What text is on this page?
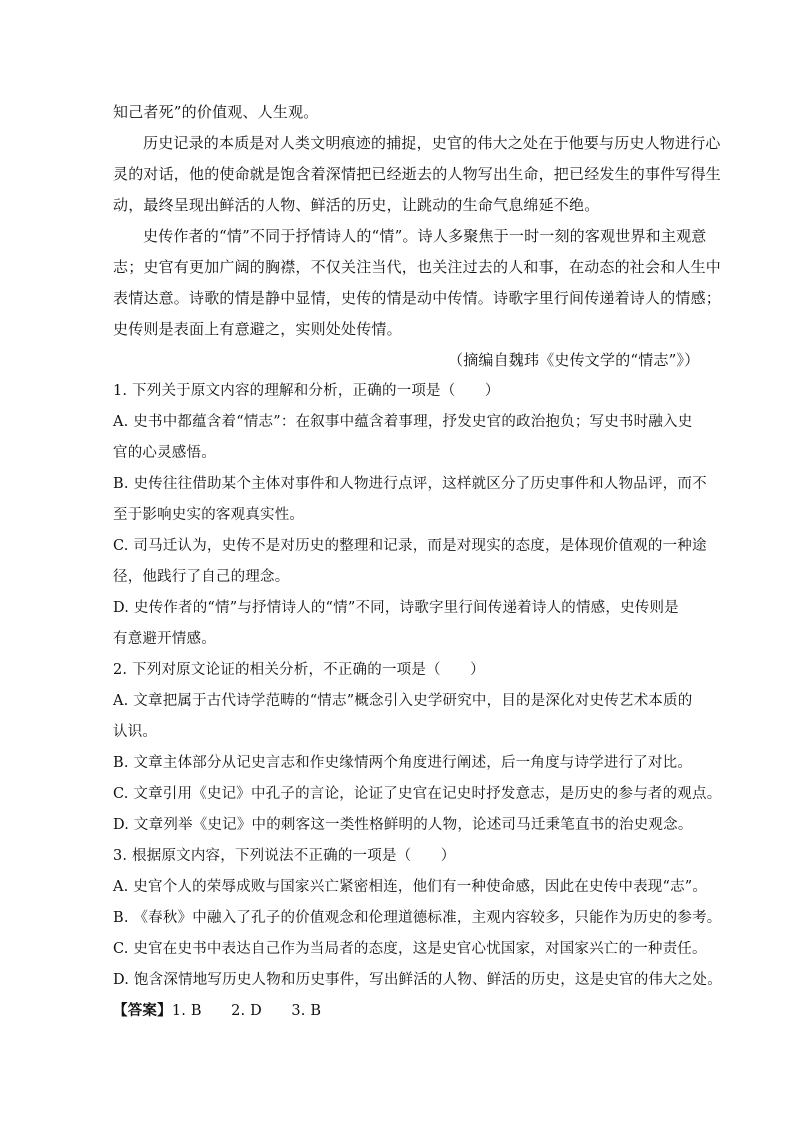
知己者死”的价值观、人生观。
历史记录的本质是对人类文明痕迹的捕捉，史官的伟大之处在于他要与历史人物进行心
灵的对话，他的使命就是饱含着深情把已经逝去的人物写出生命，把已经发生的事件写得生
动，最终呈现出鲜活的人物、鲜活的历史，让跳动的生命气息绵延不绝。
史传作者的“情”不同于抒情诗人的“情”。诗人多聚焦于一时一刻的客观世界和主观意
志；史官有更加广阔的胸襟，不仅关注当代，也关注过去的人和事，在动态的社会和人生中
表情达意。诗歌的情是静中显情，史传的情是动中传情。诗歌字里行间传递着诗人的情感；
史传则是表面上有意避之，实则处处传情。
（摘编自魏玮《史传文学的“情志”》）
1. 下列关于原文内容的理解和分析，正确的一项是（　　）
A. 史书中都蕴含着“情志”：在叙事中蕴含着事理，抒发史官的政治抱负；写史书时融入史
官的心灵感悟。
B. 史传往往借助某个主体对事件和人物进行点评，这样就区分了历史事件和人物品评，而不
至于影响史实的客观真实性。
C. 司马迁认为，史传不是对历史的整理和记录，而是对现实的态度，是体现价值观的一种途
径，他践行了自己的理念。
D. 史传作者的“情”与抒情诗人的“情”不同，诗歌字里行间传递着诗人的情感，史传则是
有意避开情感。
2. 下列对原文论证的相关分析，不正确的一项是（　　）
A. 文章把属于古代诗学范畴的“情志”概念引入史学研究中，目的是深化对史传艺术本质的
认识。
B. 文章主体部分从记史言志和作史缘情两个角度进行阐述，后一角度与诗学进行了对比。
C. 文章引用《史记》中孔子的言论，论证了史官在记史时抒发意志，是历史的参与者的观点。
D. 文章列举《史记》中的刺客这一类性格鲜明的人物，论述司马迁秉笔直书的治史观念。
3. 根据原文内容，下列说法不正确的一项是（　　）
A. 史官个人的荣辱成败与国家兴亡紧密相连，他们有一种使命感，因此在史传中表现“志”。
B. 《春秋》中融入了孔子的价值观念和伦理道德标准，主观内容较多，只能作为历史的参考。
C. 史官在史书中表达自己作为当局者的态度，这是史官心忧国家，对国家兴亡的一种责任。
D. 饱含深情地写历史人物和历史事件，写出鲜活的人物、鲜活的历史，这是史官的伟大之处。
【答案】1. B　　2. D　　3. B
